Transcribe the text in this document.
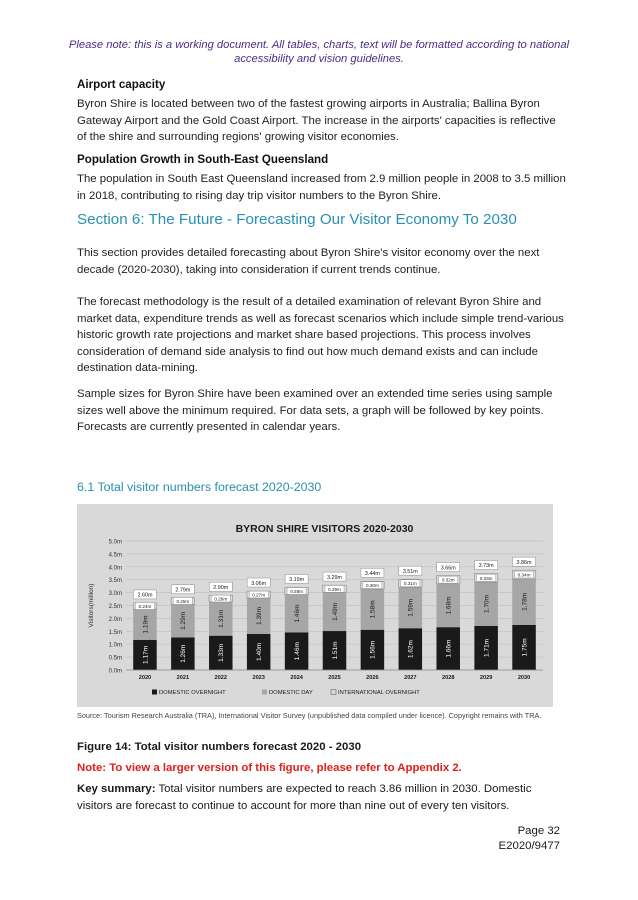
Please note: this is a working document. All tables, charts, text will be formatted according to national accessibility and vision guidelines.
Airport capacity
Byron Shire is located between two of the fastest growing airports in Australia; Ballina Byron Gateway Airport and the Gold Coast Airport. The increase in the airports' capacities is reflective of the shire and surrounding regions' growing visitor economies.
Population Growth in South-East Queensland
The population in South East Queensland increased from 2.9 million people in 2008 to 3.5 million in 2018, contributing to rising day trip visitor numbers to the Byron Shire.
Section 6: The Future - Forecasting Our Visitor Economy To 2030
This section provides detailed forecasting about Byron Shire's visitor economy over the next decade (2020-2030), taking into consideration if current trends continue.
The forecast methodology is the result of a detailed examination of relevant Byron Shire and market data, expenditure trends as well as forecast scenarios which include simple trend-various historic growth rate projections and market share based projections. This process involves consideration of demand side analysis to find out how much demand exists and can include destination data-mining.
Sample sizes for Byron Shire have been examined over an extended time series using sample sizes well above the minimum required. For data sets, a graph will be followed by key points. Forecasts are currently presented in calendar years.
6.1 Total visitor numbers forecast 2020-2030
BYRON SHIRE VISITORS 2020-2030
0.0m
0.5m
1.0m
1.5m
2.0m
2.5m
3.0m
3.5m
4.0m
4.5m
5.0m
Visitors(million)
1.17m
1.19m
0.24m
2.60m
2020
1.26m
1.29m
0.25m
2.79m
2021
1.33m
1.31m
0.26m
2.90m
2022
1.40m
1.39m
0.27m
3.06m
2023
1.46m
1.46m
0.28m
3.19m
2024
1.51m
1.49m
0.29m
3.29m
2025
1.56m
1.58m
0.30m
3.44m
2026
1.62m
1.59m
0.31m
3.51m
2027
1.66m
1.68m
0.32m
3.66m
2028
1.71m
1.70m
0.33m
3.73m
2029
1.75m
1.78m
0.34m
3.86m
2030
DOMESTIC OVERNIGHT	DOMESTIC DAY	INTERNATIONAL OVERNIGHT
Source: Tourism Research Australia (TRA), International Visitor Survey (unpublished data compiled under licence). Copyright remains with TRA.
Figure 14: Total visitor numbers forecast 2020 - 2030
Note: To view a larger version of this figure, please refer to Appendix 2.
Key summary: Total visitor numbers are expected to reach 3.86 million in 2030. Domestic visitors are forecast to continue to account for more than nine out of every ten visitors.
Page 32
E2020/9477
